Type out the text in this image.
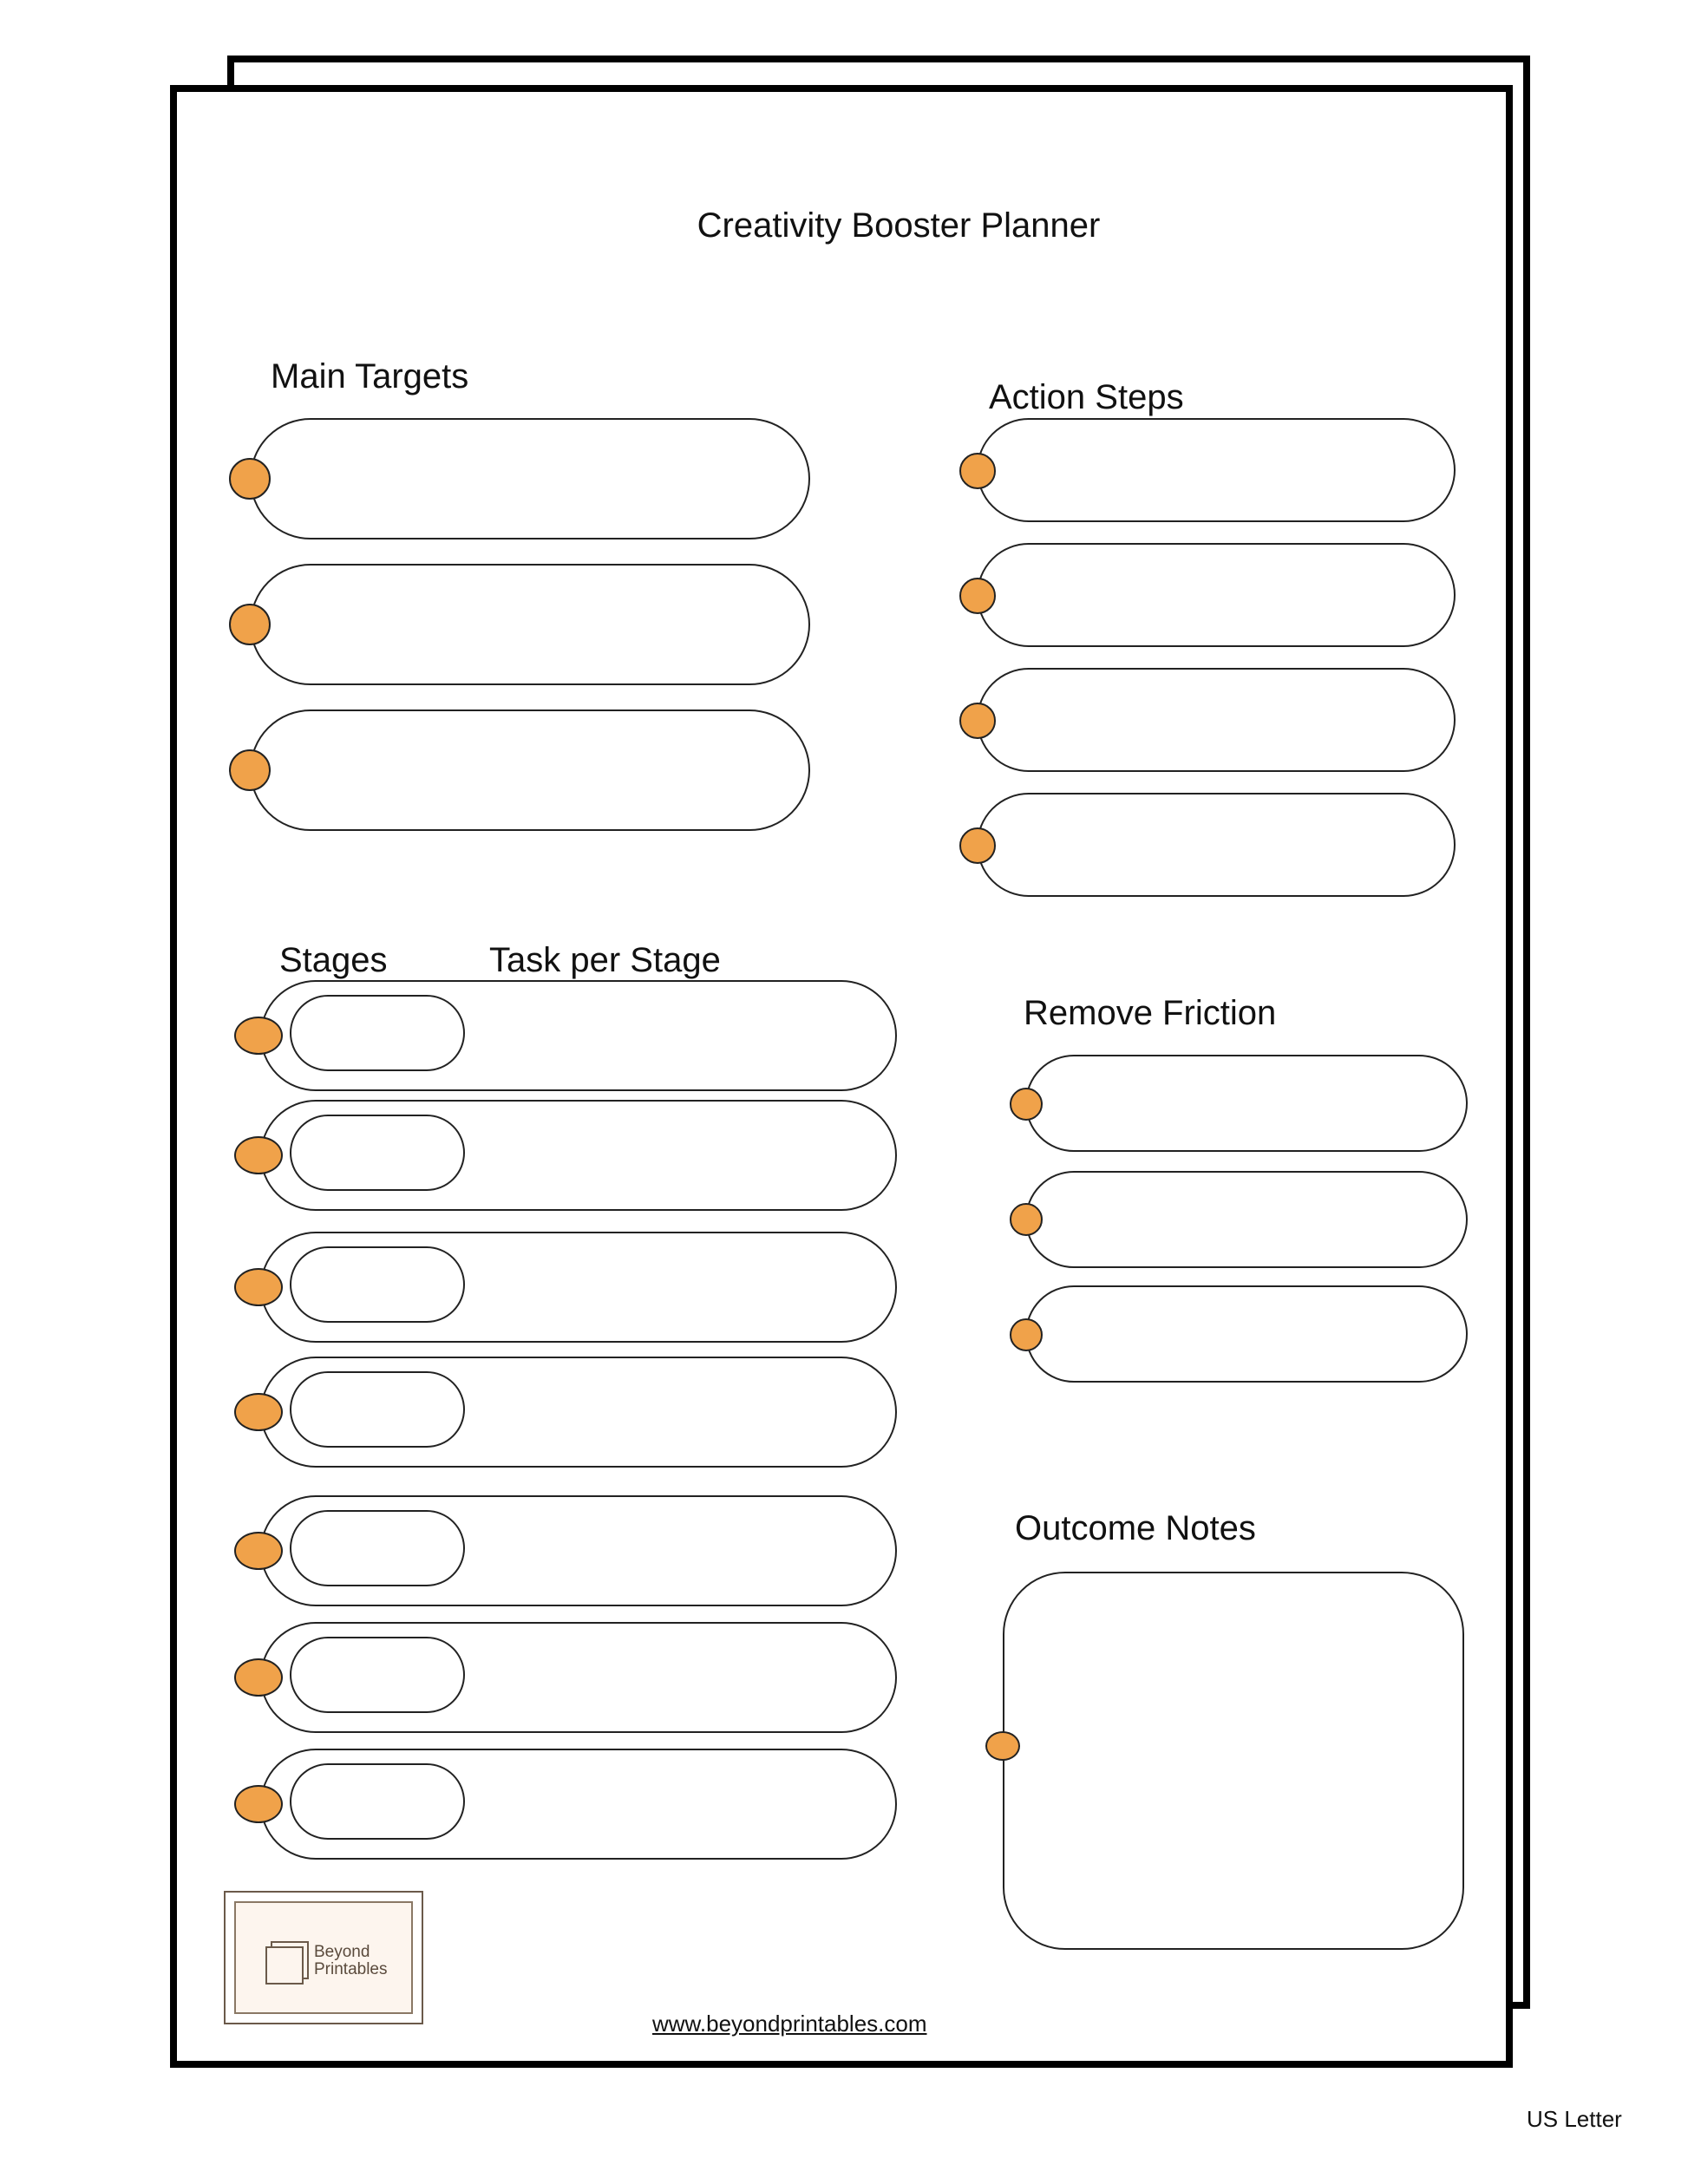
Creativity Booster Planner
Main Targets
Action Steps
Stages	Task per Stage
Remove Friction
Outcome Notes
Beyond
Printables
www.beyondprintables.com
US Letter
